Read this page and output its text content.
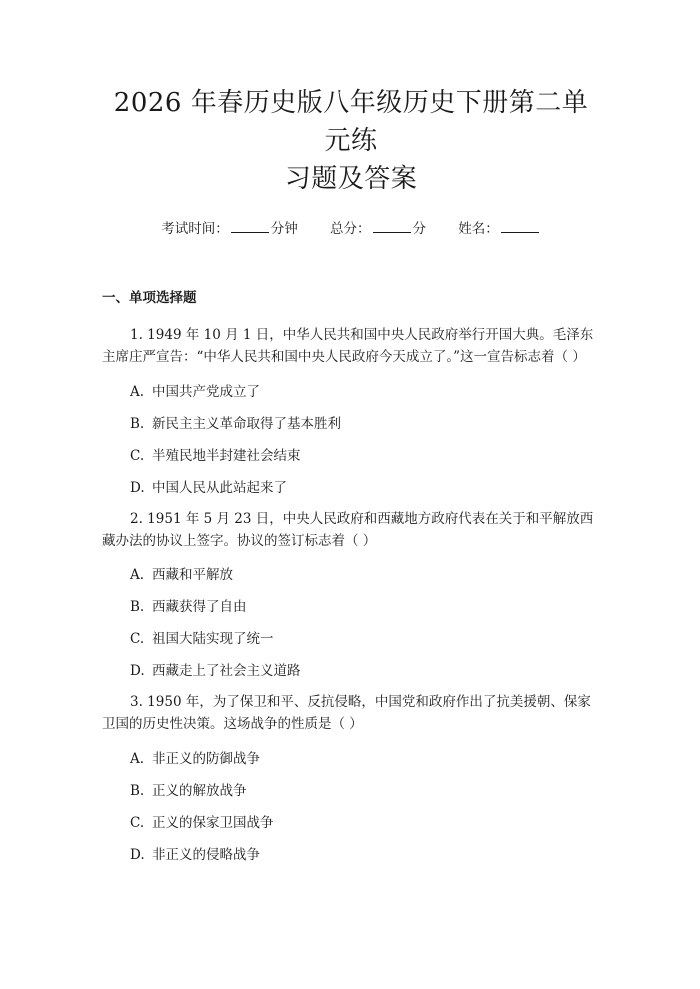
2026 年春历史版八年级历史下册第二单元练
习题及答案
考试时间：	分钟 总分：	分 姓名：
一、单项选择题

1. 1949 年 10 月 1 日，中华人民共和国中央人民政府举行开国大典。毛泽东主席庄严宣告：“中华人民共和国中央人民政府今天成立了。”这一宣告标志着（ ）

A. 中国共产党成立了
B. 新民主主义革命取得了基本胜利
C. 半殖民地半封建社会结束
D. 中国人民从此站起来了

2. 1951 年 5 月 23 日，中央人民政府和西藏地方政府代表在关于和平解放西藏办法的协议上签字。协议的签订标志着（ ）

A. 西藏和平解放
B. 西藏获得了自由
C. 祖国大陆实现了统一
D. 西藏走上了社会主义道路

3. 1950 年，为了保卫和平、反抗侵略，中国党和政府作出了抗美援朝、保家卫国的历史性决策。这场战争的性质是（ ）

A. 非正义的防御战争
B. 正义的解放战争
C. 正义的保家卫国战争
D. 非正义的侵略战争
